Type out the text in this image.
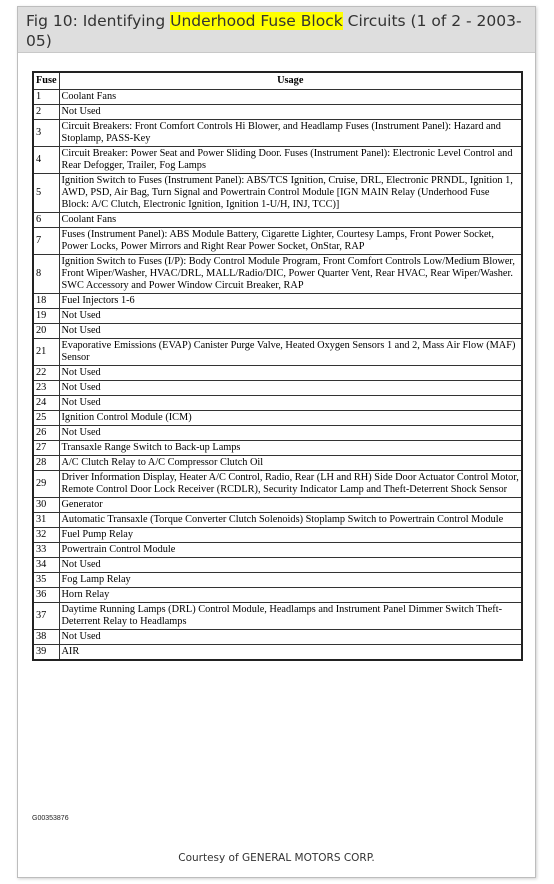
Fig 10: Identifying Underhood Fuse Block Circuits (1 of 2 - 2003-05)

Fuse	Usage
1	Coolant Fans
2	Not Used
3	Circuit Breakers: Front Comfort Controls Hi Blower, and Headlamp Fuses (Instrument Panel): Hazard and Stoplamp, PASS-Key
4	Circuit Breaker: Power Seat and Power Sliding Door. Fuses (Instrument Panel): Electronic Level Control and Rear Defogger, Trailer, Fog Lamps
5	Ignition Switch to Fuses (Instrument Panel): ABS/TCS Ignition, Cruise, DRL, Electronic PRNDL, Ignition 1, AWD, PSD, Air Bag, Turn Signal and Powertrain Control Module [IGN MAIN Relay (Underhood Fuse Block: A/C Clutch, Electronic Ignition, Ignition 1-U/H, INJ, TCC)]
6	Coolant Fans
7	Fuses (Instrument Panel): ABS Module Battery, Cigarette Lighter, Courtesy Lamps, Front Power Socket, Power Locks, Power Mirrors and Right Rear Power Socket, OnStar, RAP
8	Ignition Switch to Fuses (I/P): Body Control Module Program, Front Comfort Controls Low/Medium Blower, Front Wiper/Washer, HVAC/DRL, MALL/Radio/DIC, Power Quarter Vent, Rear HVAC, Rear Wiper/Washer. SWC Accessory and Power Window Circuit Breaker, RAP
18	Fuel Injectors 1-6
19	Not Used
20	Not Used
21	Evaporative Emissions (EVAP) Canister Purge Valve, Heated Oxygen Sensors 1 and 2, Mass Air Flow (MAF) Sensor
22	Not Used
23	Not Used
24	Not Used
25	Ignition Control Module (ICM)
26	Not Used
27	Transaxle Range Switch to Back-up Lamps
28	A/C Clutch Relay to A/C Compressor Clutch Oil
29	Driver Information Display, Heater A/C Control, Radio, Rear (LH and RH) Side Door Actuator Control Motor, Remote Control Door Lock Receiver (RCDLR), Security Indicator Lamp and Theft-Deterrent Shock Sensor
30	Generator
31	Automatic Transaxle (Torque Converter Clutch Solenoids) Stoplamp Switch to Powertrain Control Module
32	Fuel Pump Relay
33	Powertrain Control Module
34	Not Used
35	Fog Lamp Relay
36	Horn Relay
37	Daytime Running Lamps (DRL) Control Module, Headlamps and Instrument Panel Dimmer Switch Theft-Deterrent Relay to Headlamps
38	Not Used
39	AIR
G00353876
Courtesy of GENERAL MOTORS CORP.
